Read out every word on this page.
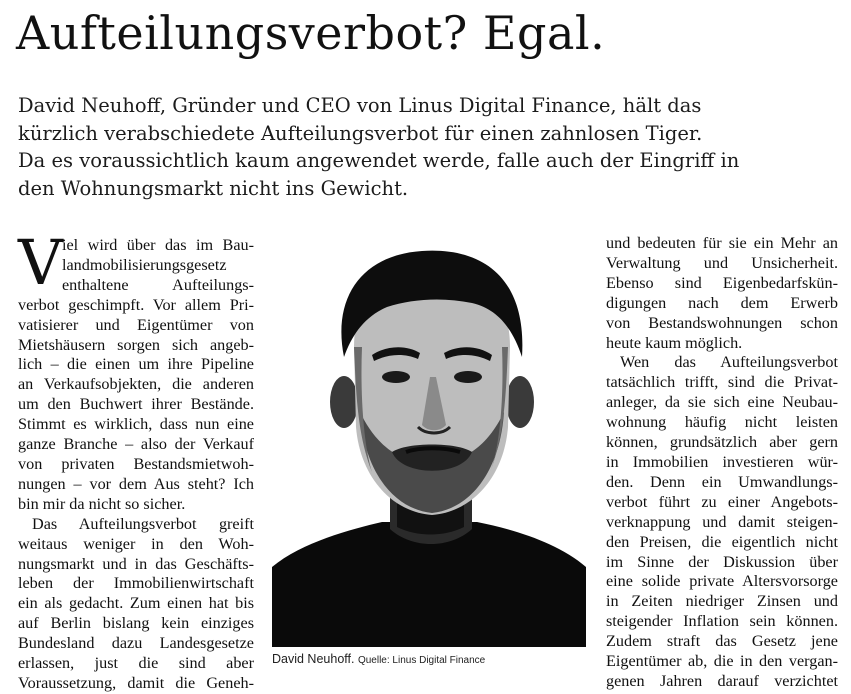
Aufteilungsverbot? Egal.
David Neuhoff, Gründer und CEO von Linus Digital Finance, hält das
kürzlich verabschiedete Aufteilungsverbot für einen zahnlosen Tiger.
Da es voraussichtlich kaum angewendet werde, falle auch der Eingriff in
den Wohnungsmarkt nicht ins Gewicht.
V iel wird über das im Bau-
landmobilisierungsgesetz
enthaltene Aufteilungs-
verbot geschimpft. Vor allem Pri-
vatisierer und Eigentümer von
Mietshäusern sorgen sich angeb-
lich – die einen um ihre Pipeline
an Verkaufsobjekten, die anderen
um den Buchwert ihrer Bestände.
Stimmt es wirklich, dass nun eine
ganze Branche – also der Verkauf
von privaten Bestandsmietwoh-
nungen – vor dem Aus steht? Ich
bin mir da nicht so sicher.
Das Aufteilungsverbot greift
weitaus weniger in den Woh-
nungsmarkt und in das Geschäfts-
leben der Immobilienwirtschaft
ein als gedacht. Zum einen hat bis
auf Berlin bislang kein einziges
Bundesland dazu Landesgesetze
erlassen, just die sind aber
Voraussetzung, damit die Geneh-
David Neuhoff. Quelle: Linus Digital Finance
und bedeuten für sie ein Mehr an
Verwaltung und Unsicherheit.
Ebenso sind Eigenbedarfskün-
digungen nach dem Erwerb
von Bestandswohnungen schon
heute kaum möglich.
Wen das Aufteilungsverbot
tatsächlich trifft, sind die Privat-
anleger, da sie sich eine Neubau-
wohnung häufig nicht leisten
können, grundsätzlich aber gern
in Immobilien investieren wür-
den. Denn ein Umwandlungs-
verbot führt zu einer Angebots-
verknappung und damit steigen-
den Preisen, die eigentlich nicht
im Sinne der Diskussion über
eine solide private Altersvorsorge
in Zeiten niedriger Zinsen und
steigender Inflation sein können.
Zudem straft das Gesetz jene
Eigentümer ab, die in den vergan-
genen Jahren darauf verzichtet
